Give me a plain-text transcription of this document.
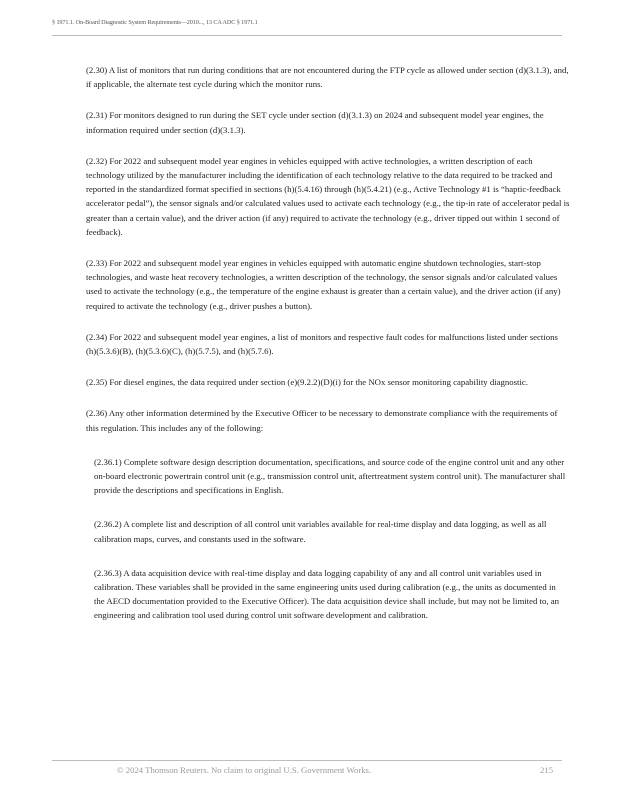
§ 1971.1. On-Board Diagnostic System Requirements—2010..., 13 CA ADC § 1971.1

(2.30) A list of monitors that run during conditions that are not encountered during the FTP cycle as allowed under section (d)(3.1.3), and, if applicable, the alternate test cycle during which the monitor runs.

(2.31) For monitors designed to run during the SET cycle under section (d)(3.1.3) on 2024 and subsequent model year engines, the information required under section (d)(3.1.3).

(2.32) For 2022 and subsequent model year engines in vehicles equipped with active technologies, a written description of each technology utilized by the manufacturer including the identification of each technology relative to the data required to be tracked and reported in the standardized format specified in sections (h)(5.4.16) through (h)(5.4.21) (e.g., Active Technology #1 is “haptic-feedback accelerator pedal”), the sensor signals and/or calculated values used to activate each technology (e.g., the tip-in rate of accelerator pedal is greater than a certain value), and the driver action (if any) required to activate the technology (e.g., driver tipped out within 1 second of feedback).

(2.33) For 2022 and subsequent model year engines in vehicles equipped with automatic engine shutdown technologies, start-stop technologies, and waste heat recovery technologies, a written description of the technology, the sensor signals and/or calculated values used to activate the technology (e.g., the temperature of the engine exhaust is greater than a certain value), and the driver action (if any) required to activate the technology (e.g., driver pushes a button).

(2.34) For 2022 and subsequent model year engines, a list of monitors and respective fault codes for malfunctions listed under sections (h)(5.3.6)(B), (h)(5.3.6)(C), (h)(5.7.5), and (h)(5.7.6).

(2.35) For diesel engines, the data required under section (e)(9.2.2)(D)(i) for the NOx sensor monitoring capability diagnostic.

(2.36) Any other information determined by the Executive Officer to be necessary to demonstrate compliance with the requirements of this regulation. This includes any of the following:

(2.36.1) Complete software design description documentation, specifications, and source code of the engine control unit and any other on-board electronic powertrain control unit (e.g., transmission control unit, aftertreatment system control unit). The manufacturer shall provide the descriptions and specifications in English.

(2.36.2) A complete list and description of all control unit variables available for real-time display and data logging, as well as all calibration maps, curves, and constants used in the software.

(2.36.3) A data acquisition device with real-time display and data logging capability of any and all control unit variables used in calibration. These variables shall be provided in the same engineering units used during calibration (e.g., the units as documented in the AECD documentation provided to the Executive Officer). The data acquisition device shall include, but may not be limited to, an engineering and calibration tool used during control unit software development and calibration.

© 2024 Thomson Reuters. No claim to original U.S. Government Works.	215
